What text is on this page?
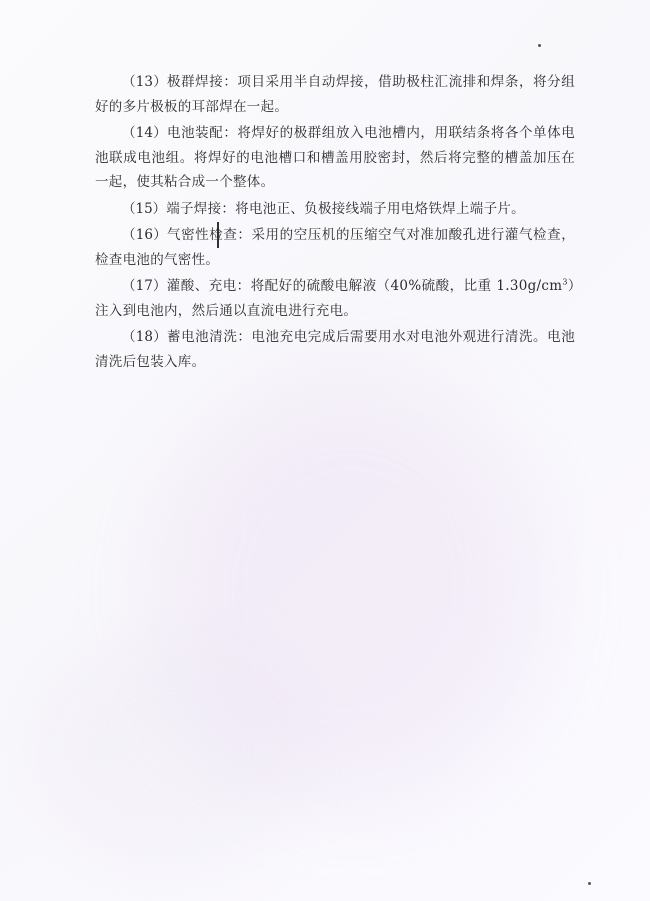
（13）极群焊接：项目采用半自动焊接，借助极柱汇流排和焊条，将分组好的多片极板的耳部焊在一起。

（14）电池装配：将焊好的极群组放入电池槽内，用联结条将各个单体电池联成电池组。将焊好的电池槽口和槽盖用胶密封，然后将完整的槽盖加压在一起，使其粘合成一个整体。

（15）端子焊接：将电池正、负极接线端子用电烙铁焊上端子片。

（16）气密性检查：采用的空压机的压缩空气对准加酸孔进行灌气检查，检查电池的气密性。

（17）灌酸、充电：将配好的硫酸电解液（40%硫酸，比重 $1.30g/cm^3$）注入到电池内，然后通以直流电进行充电。

（18）蓄电池清洗：电池充电完成后需要用水对电池外观进行清洗。电池清洗后包装入库。
